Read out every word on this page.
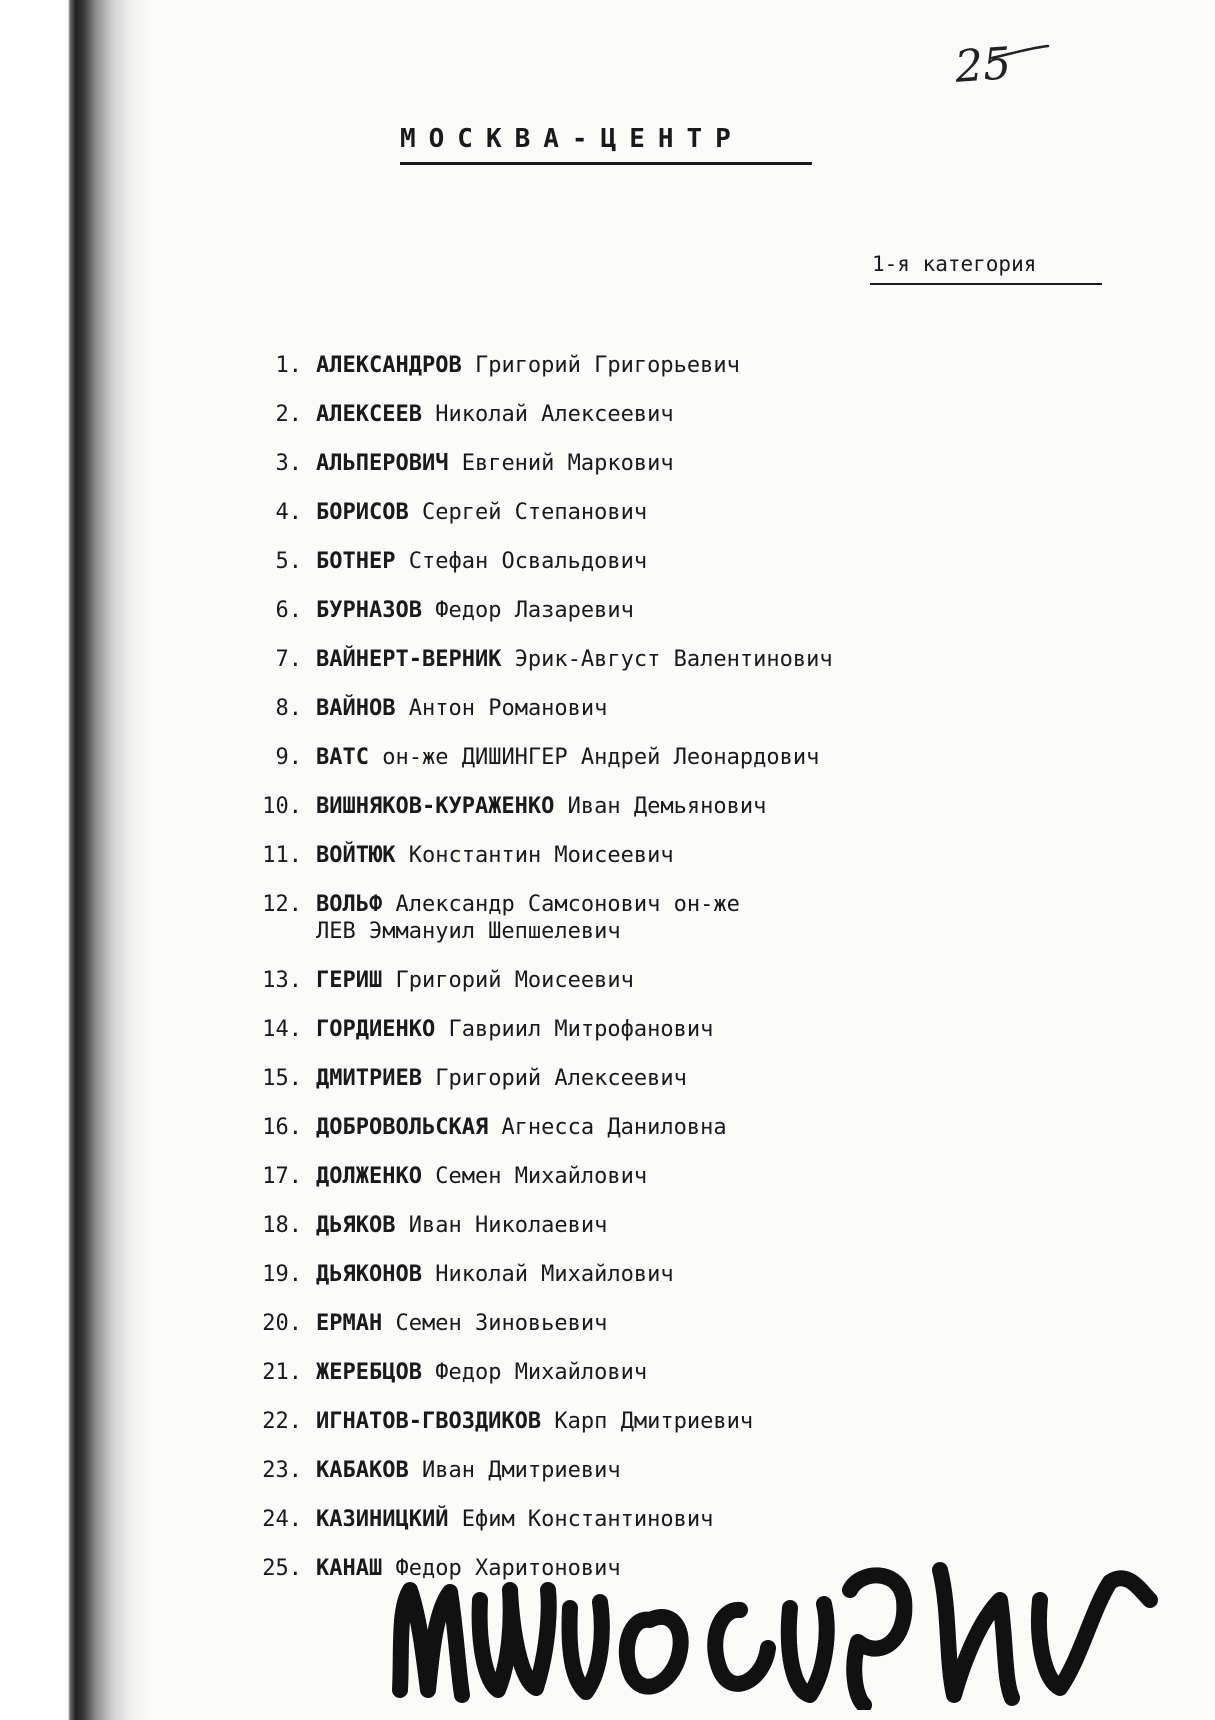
25
МОСКВА-ЦЕНТР
1-я категория
1. АЛЕКСАНДРОВ Григорий Григорьевич
2. АЛЕКСЕЕВ Николай Алексеевич
3. АЛЬПЕРОВИЧ Евгений Маркович
4. БОРИСОВ Сергей Степанович
5. БОТНЕР Стефан Освальдович
6. БУРНАЗОВ Федор Лазаревич
7. ВАЙНЕРТ-ВЕРНИК Эрик-Август Валентинович
8. ВАЙНОВ Антон Романович
9. ВАТС он-же ДИШИНГЕР Андрей Леонардович
10. ВИШНЯКОВ-КУРАЖЕНКО Иван Демьянович
11. ВОЙТЮК Константин Моисеевич
12. ВОЛЬФ Александр Самсонович он-же
ЛЕВ Эммануил Шепшелевич
13. ГЕРИШ Григорий Моисеевич
14. ГОРДИЕНКО Гавриил Митрофанович
15. ДМИТРИЕВ Григорий Алексеевич
16. ДОБРОВОЛЬСКАЯ Агнесса Даниловна
17. ДОЛЖЕНКО Семен Михайлович
18. ДЬЯКОВ Иван Николаевич
19. ДЬЯКОНОВ Николай Михайлович
20. ЕРМАН Семен Зиновьевич
21. ЖЕРЕБЦОВ Федор Михайлович
22. ИГНАТОВ-ГВОЗДИКОВ Карп Дмитриевич
23. КАБАКОВ Иван Дмитриевич
24. КАЗИНИЦКИЙ Ефим Константинович
25. КАНАШ Федор Харитонович
